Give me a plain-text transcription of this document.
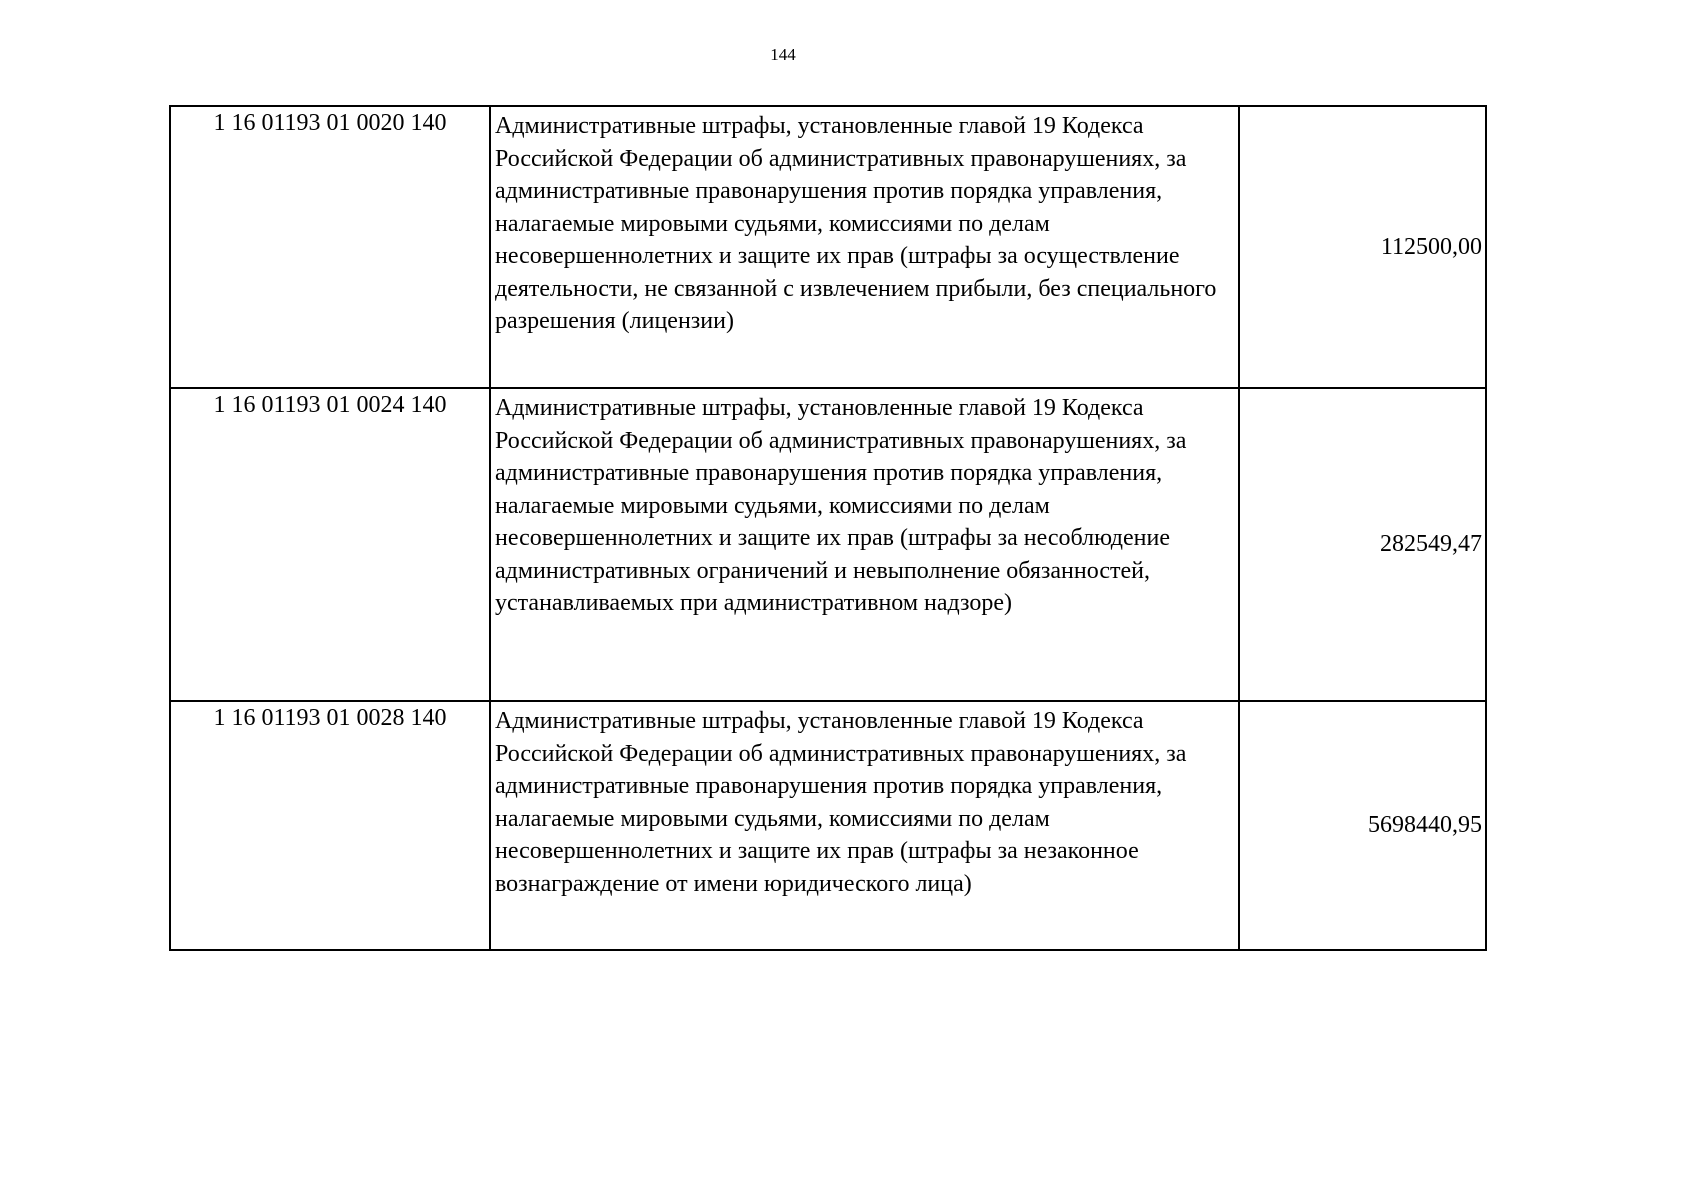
144
1 16 01193 01 0020 140	Административные штрафы, установленные главой 19 Кодекса Российской Федерации об административных правонарушениях, за административные правонарушения против порядка управления, налагаемые мировыми судьями, комиссиями по делам несовершеннолетних и защите их прав (штрафы за осуществление деятельности, не связанной с извлечением прибыли, без специального разрешения (лицензии)	112500,00

1 16 01193 01 0024 140	Административные штрафы, установленные главой 19 Кодекса Российской Федерации об административных правонарушениях, за административные правонарушения против порядка управления, налагаемые мировыми судьями, комиссиями по делам несовершеннолетних и защите их прав (штрафы за несоблюдение административных ограничений и невыполнение обязанностей, устанавливаемых при административном надзоре)	282549,47

1 16 01193 01 0028 140	Административные штрафы, установленные главой 19 Кодекса Российской Федерации об административных правонарушениях, за административные правонарушения против порядка управления, налагаемые мировыми судьями, комиссиями по делам несовершеннолетних и защите их прав (штрафы за незаконное вознаграждение от имени юридического лица)	5698440,95
